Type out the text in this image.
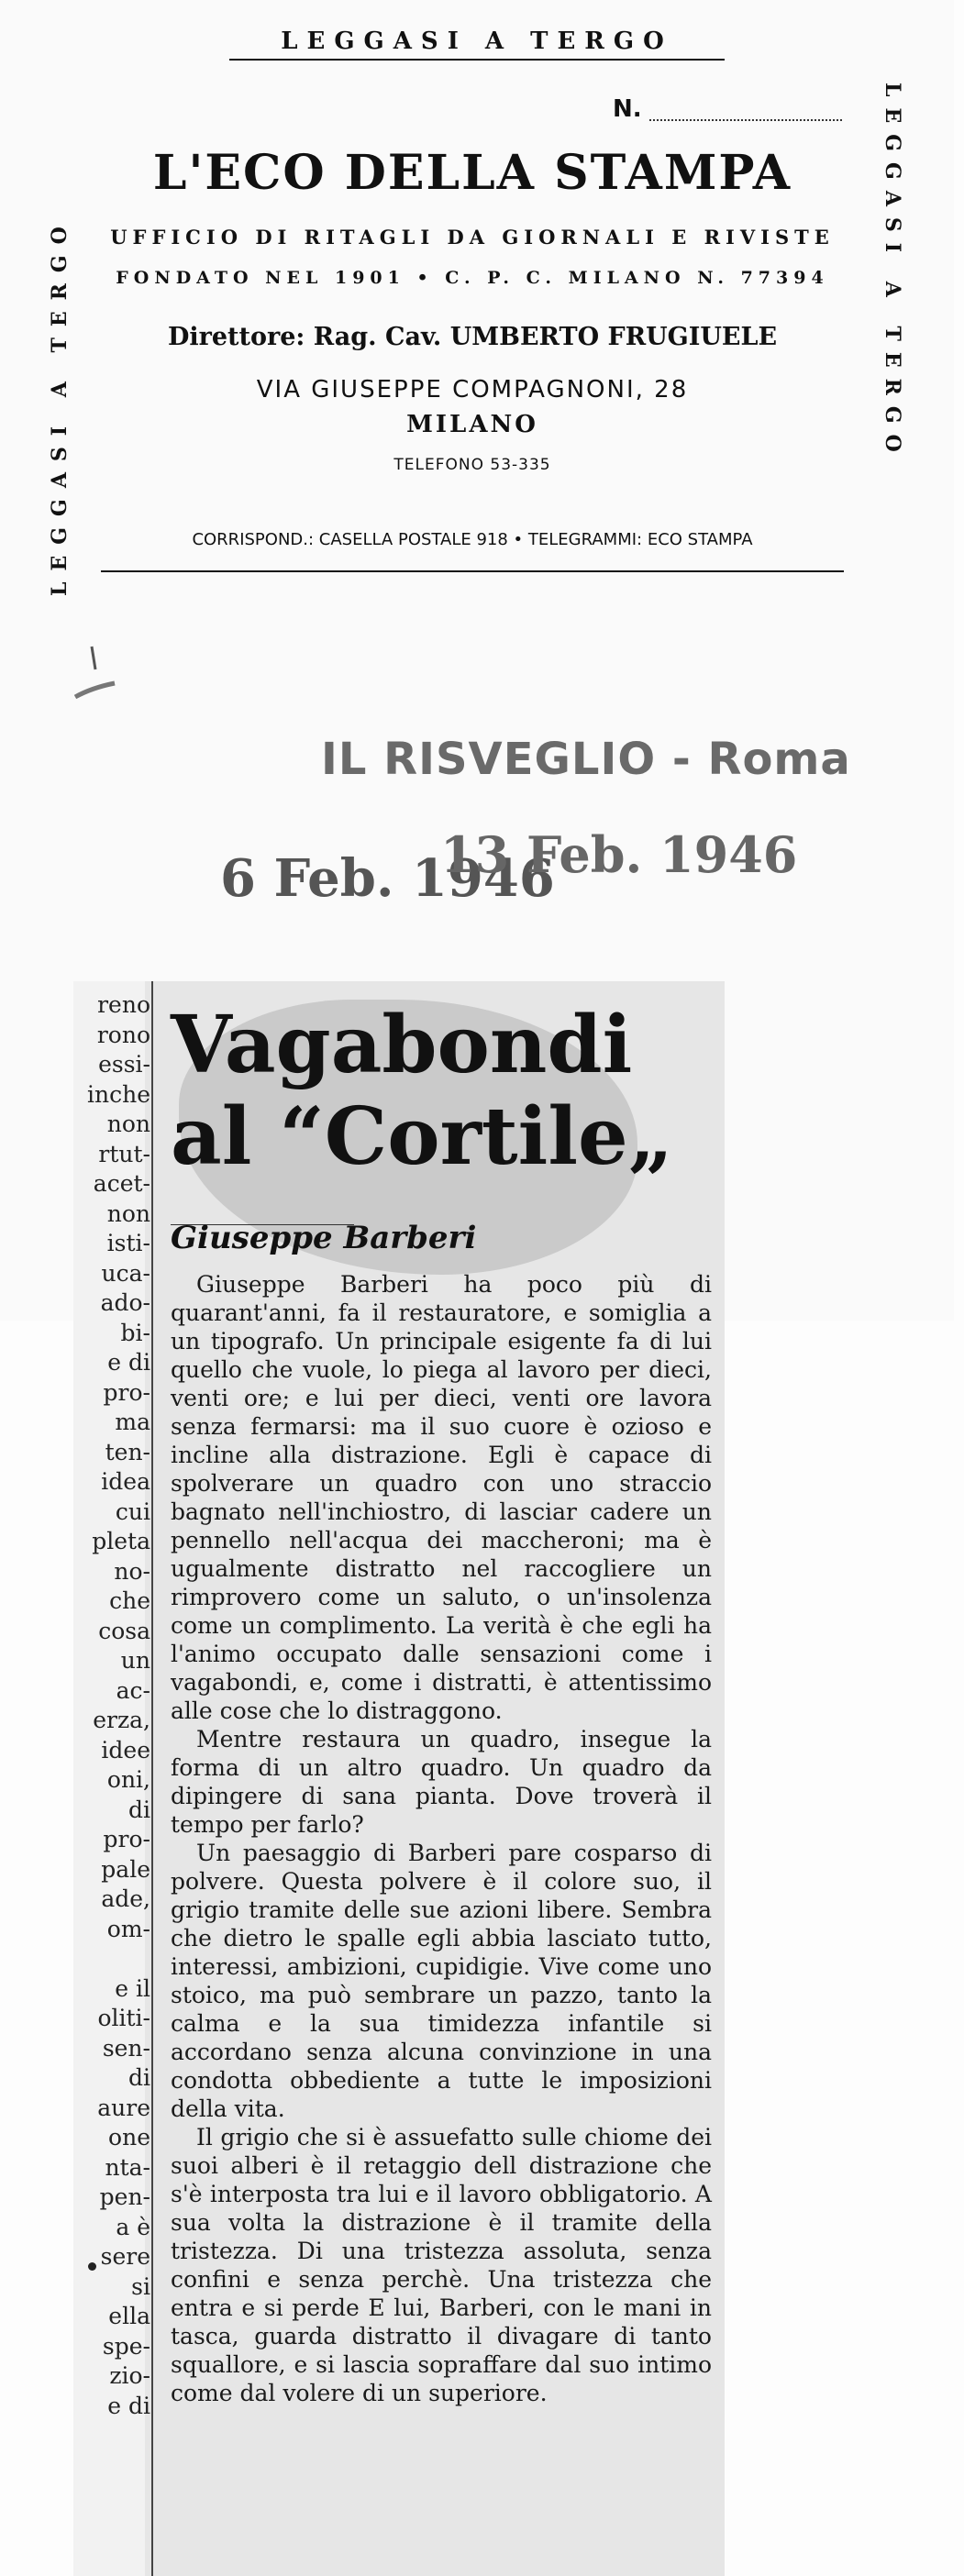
LEGGASI A TERGO
LEGGASI A TERGO	LEGGASI A TERGO
N.
L'ECO DELLA STAMPA
UFFICIO DI RITAGLI DA GIORNALI E RIVISTE
FONDATO NEL 1901 • C. P. C. MILANO N. 77394
Direttore: Rag. Cav. UMBERTO FRUGIUELE
VIA GIUSEPPE COMPAGNONI, 28
MILANO
TELEFONO 53-335
CORRISPOND.: CASELLA POSTALE 918 • TELEGRAMMI: ECO STAMPA
IL RISVEGLIO - Roma
6 Feb. 1946
13 Feb. 1946
reno
rono
essi-
inche
non
rtut-
acet-
non
isti-
uca-
ado-
bi-
e di
pro-
ma
ten-
idea
cui
pleta
no-
che
cosa
un
ac-
erza,
idee
oni,
di
pro-
pale
ade,
om-
e il
oliti-
sen-
di
aure
one
nta-
pen-
a è
sere
si
ella
spe-
zio-
e di
Vagabondi
al “Cortile„
Giuseppe Barberi

Giuseppe Barberi ha poco più di quarant'anni, fa il restauratore, e somiglia a un tipografo. Un principale esigente fa di lui quello che vuole, lo piega al lavoro per dieci, venti ore; e lui per dieci, venti ore lavora senza fermarsi: ma il suo cuore è ozioso e incline alla distrazione. Egli è capace di spolverare un quadro con uno straccio bagnato nell'inchiostro, di lasciar cadere un pennello nell'acqua dei maccheroni; ma è ugualmente distratto nel raccogliere un rimprovero come un saluto, o un'insolenza come un complimento. La verità è che egli ha l'animo occupato dalle sensazioni come i vagabondi, e, come i distratti, è attentissimo alle cose che lo distraggono.

Mentre restaura un quadro, insegue la forma di un altro quadro. Un quadro da dipingere di sana pianta. Dove troverà il tempo per farlo?

Un paesaggio di Barberi pare cosparso di polvere. Questa polvere è il colore suo, il grigio tramite delle sue azioni libere. Sembra che dietro le spalle egli abbia lasciato tutto, interessi, ambizioni, cupidigie. Vive come uno stoico, ma può sembrare un pazzo, tanto la calma e la sua timidezza infantile si accordano senza alcuna convinzione in una condotta obbediente a tutte le imposizioni della vita.

Il grigio che si è assuefatto sulle chiome dei suoi alberi è il retaggio dell distrazione che s'è interposta tra lui e il lavoro obbligatorio. A sua volta la distrazione è il tramite della tristezza. Di una tristezza assoluta, senza confini e senza perchè. Una tristezza che entra e si perde E lui, Barberi, con le mani in tasca, guarda distratto il divagare di tanto squallore, e si lascia sopraffare dal suo intimo come dal volere di un superiore.
